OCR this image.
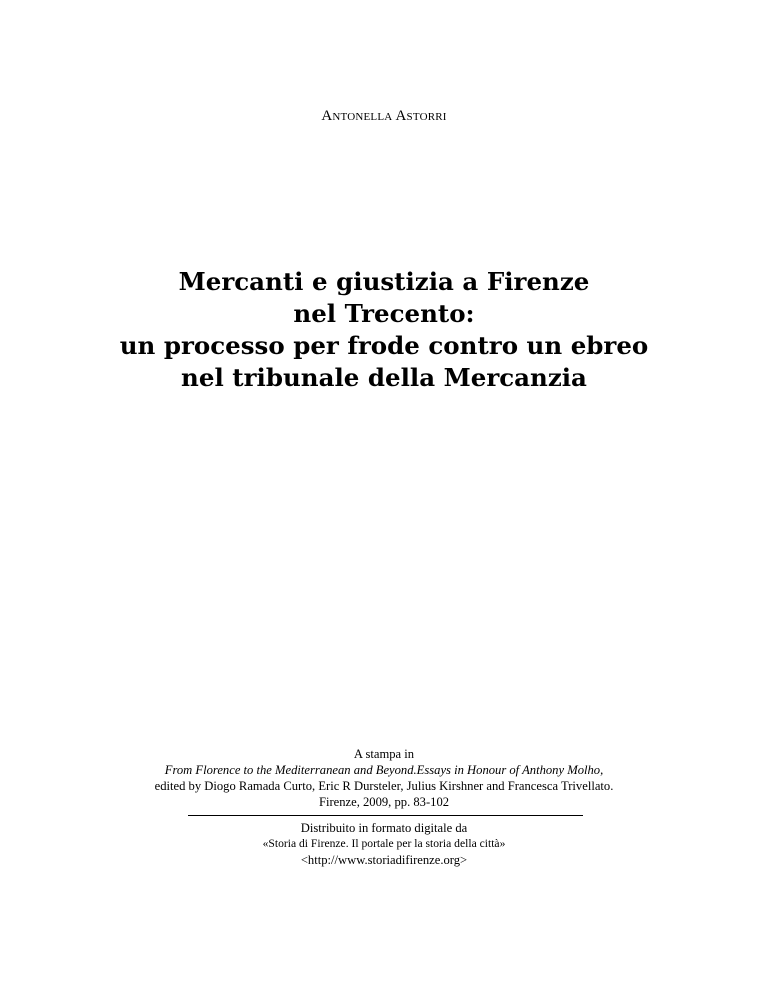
Antonella Astorri
Mercanti e giustizia a Firenze
nel Trecento:
un processo per frode contro un ebreo
nel tribunale della Mercanzia
A stampa in
From Florence to the Mediterranean and Beyond.Essays in Honour of Anthony Molho,
edited by Diogo Ramada Curto, Eric R Dursteler, Julius Kirshner and Francesca Trivellato.
Firenze, 2009, pp. 83-102
Distribuito in formato digitale da
«Storia di Firenze. Il portale per la storia della città»
<http://www.storiadifirenze.org>
